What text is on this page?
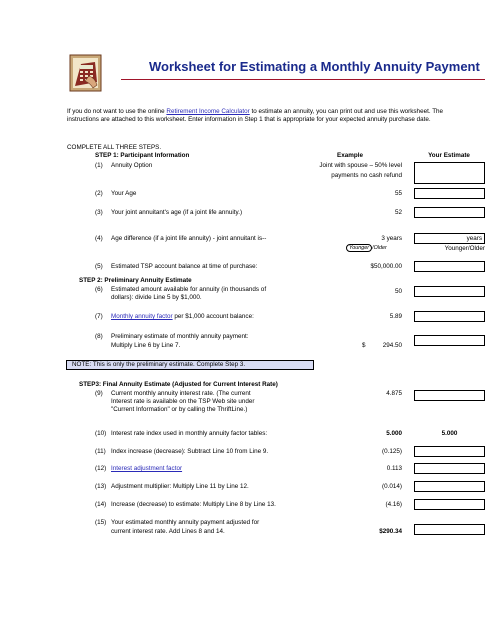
Worksheet for Estimating a Monthly Annuity Payment
If you do not want to use the online Retirement Income Calculator to estimate an annuity, you can print out and use this worksheet. The instructions are attached to this worksheet. Enter information in Step 1 that is appropriate for your expected annuity purchase date.
COMPLETE ALL THREE STEPS.
STEP 1: Participant Information	Example	Your Estimate
(1) Annuity Option	Joint with spouse – 50% level
payments no cash refund
(2) Your Age	55
(3) Your joint annuitant's age (if a joint life annuity.)	52
(4) Age difference (if a joint life annuity) - joint annuitant is--	3 years
Younger /Older
years
Younger/Older
(5) Estimated TSP account balance at time of purchase:	$50,000.00
STEP 2: Preliminary Annuity Estimate
(6) Estimated amount available for annuity (in thousands of
dollars): divide Line 5 by $1,000.
50
(7) Monthly annuity factor per $1,000 account balance:	5.89
(8) Preliminary estimate of monthly annuity payment:
Multiply Line 6 by Line 7.	$	294.50
NOTE: This is only the preliminary estimate. Complete Step 3.
STEP3: Final Annuity Estimate (Adjusted for Current Interest Rate)
(9) Current monthly annuity interest rate. (The current
Interest rate is available on the TSP Web site under
"Current Information" or by calling the ThriftLine.)
4.875
(10) Interest rate index used in monthly annuity factor tables:	5.000	5.000
(11) Index increase (decrease): Subtract Line 10 from Line 9.	(0.125)
(12) Interest adjustment factor	0.113
(13) Adjustment multiplier: Multiply Line 11 by Line 12.	(0.014)
(14) Increase (decrease) to estimate: Multiply Line 8 by Line 13.	(4.16)
(15) Your estimated monthly annuity payment adjusted for
current interest rate. Add Lines 8 and 14.	$290.34
